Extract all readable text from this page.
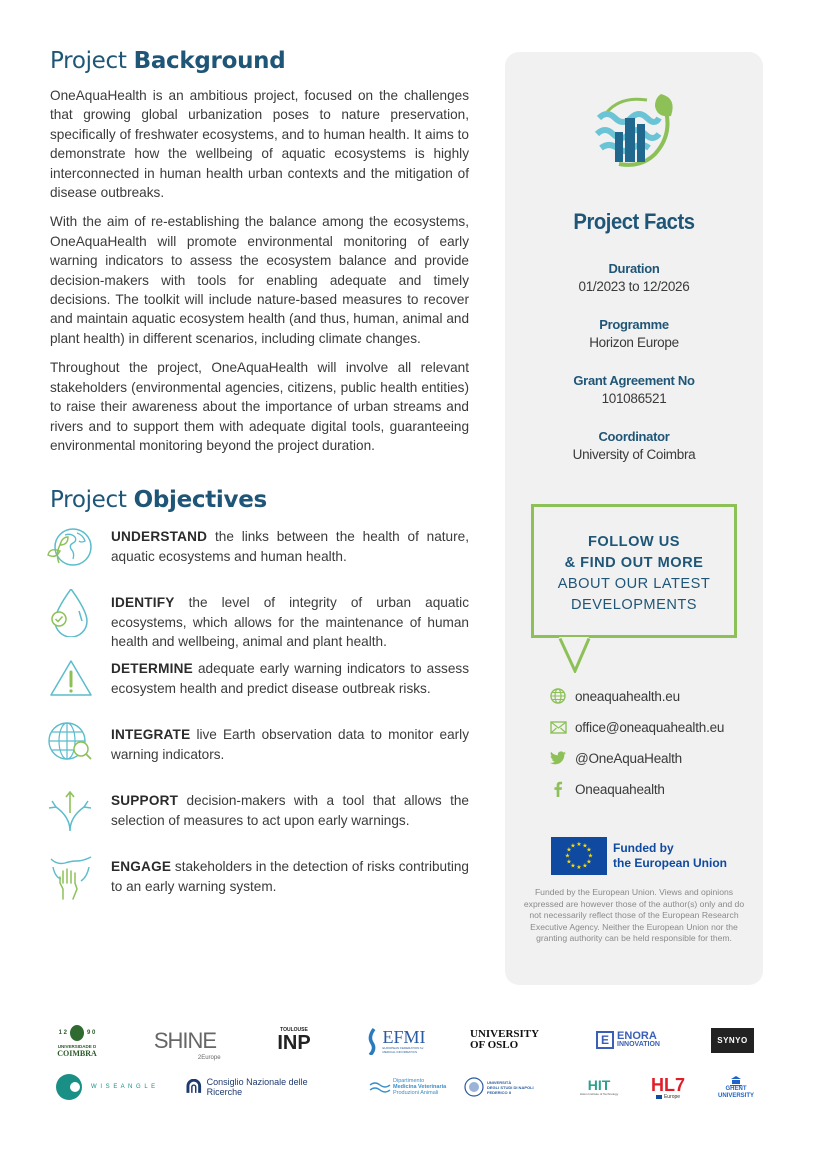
Project Background

OneAquaHealth is an ambitious project, focused on the challenges that growing global urbanization poses to nature preservation, specifically of freshwater ecosystems, and to human health. It aims to demonstrate how the wellbeing of aquatic ecosystems is highly interconnected in human health urban contexts and the mitigation of disease outbreaks.

With the aim of re-establishing the balance among the ecosystems, OneAquaHealth will promote environmental monitoring of early warning indicators to assess the ecosystem balance and provide decision-makers with tools for enabling adequate and timely decisions. The toolkit will include nature-based measures to recover and maintain aquatic ecosystem health (and thus, human, animal and plant health) in different scenarios, including climate changes.

Throughout the project, OneAquaHealth will involve all relevant stakeholders (environmental agencies, citizens, public health entities) to raise their awareness about the importance of urban streams and rivers and to support them with adequate digital tools, guaranteeing environmental monitoring beyond the project duration.

Project Objectives

UNDERSTAND the links between the health of nature, aquatic ecosystems and human health.

IDENTIFY the level of integrity of urban aquatic ecosystems, which allows for the maintenance of human health and wellbeing, animal and plant health.

DETERMINE adequate early warning indicators to assess ecosystem health and predict disease outbreak risks.

INTEGRATE live Earth observation data to monitor early warning indicators.

SUPPORT decision-makers with a tool that allows the selection of measures to act upon early warnings.

ENGAGE stakeholders in the detection of risks contributing to an early warning system.

Project Facts
Duration
01/2023 to 12/2026
Programme
Horizon Europe
Grant Agreement No
101086521
Coordinator
University of Coimbra
FOLLOW US
& FIND OUT MORE
ABOUT OUR LATEST
DEVELOPMENTS
oneaquahealth.eu
office@oneaquahealth.eu
@OneAquaHealth
Oneaquahealth
★ ★
★
★
★
★
★
★
★
★
★
★	Funded by
the European Union
Funded by the European Union. Views and opinions expressed are however those of the author(s) only and do not necessarily reflect those of the European Research Executive Agency. Neither the European Union nor the granting authority can be held responsible for them.
1 2	9 0
UNIVERSIDADE D
COIMBRA	SHINE
2Europe
TOULOUSE
INP	EFMI
EUROPEAN FEDERATION for MEDICAL INFORMATICS
UNIVERSITY
OF OSLO	E ENORA
INNOVATION	SYNYO
W I S E A N G L E	Consiglio Nazionale delle Ricerche
Dipartimento
Medicina Veterinaria
Produzioni Animali
UNIVERSITÀ
DEGLI STUDI DI NAPOLI
FEDERICO II	HIT
Holon Institute of Technology HL7
Europe
GHENT
UNIVERSITY
